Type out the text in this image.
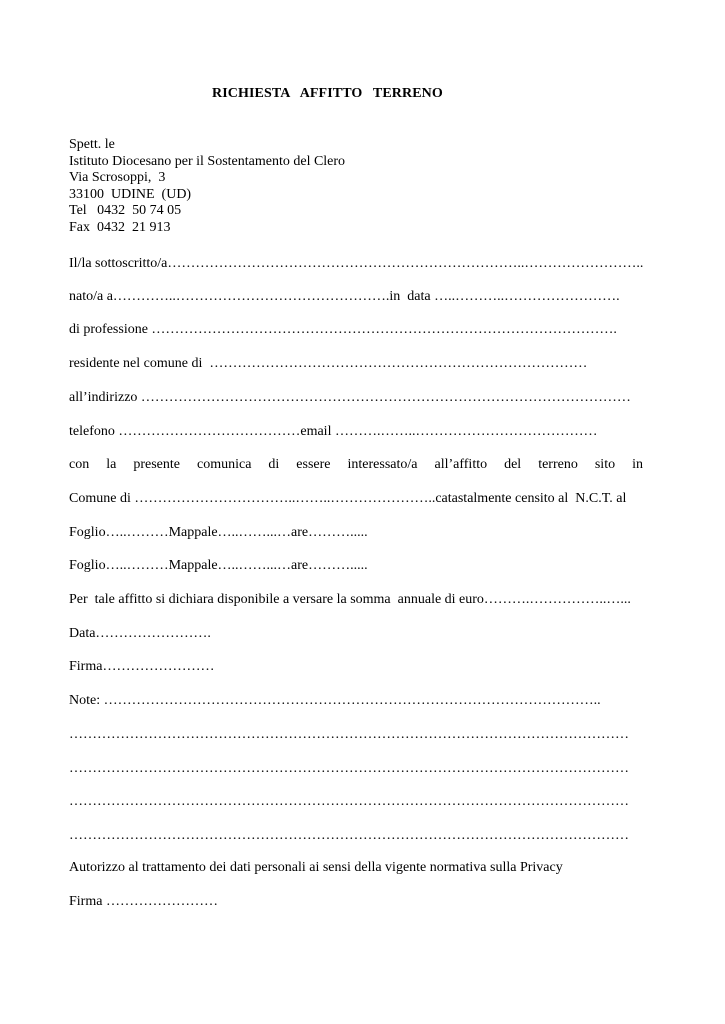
RICHIESTA   AFFITTO   TERRENO
Spett. le
Istituto Diocesano per il Sostentamento del Clero
Via Scrosoppi,  3
33100  UDINE  (UD)
Tel   0432  50 74 05
Fax  0432  21 913
Il/la sottoscritto/a…………………………………………………………………..……………………..
nato/a a…………..……………………………………….in  data …..………..…………………….
di professione ……………………………………………………………………………………….
residente nel comune di  ………………………………………………………………………
all’indirizzo ……………………………………………………………………………………………
telefono …………………………………email ……….……..…………………………………
con la presente comunica di essere interessato/a all’affitto del terreno sito in
Comune di ……………………………..……..…………………..catastalmente censito al  N.C.T. al
Foglio…..………Mappale…..……...…are……….....
Foglio…..………Mappale…..……...…are……….....
Per  tale affitto si dichiara disponibile a versare la somma  annuale di euro……….……………..…...
Data…………………….
Firma……………………
Note: ……………………………………………………………………………………………..
…………………………………………………………………………………………………………
…………………………………………………………………………………………………………
…………………………………………………………………………………………………………
…………………………………………………………………………………………………………
Autorizzo al trattamento dei dati personali ai sensi della vigente normativa sulla Privacy
Firma ……………………
